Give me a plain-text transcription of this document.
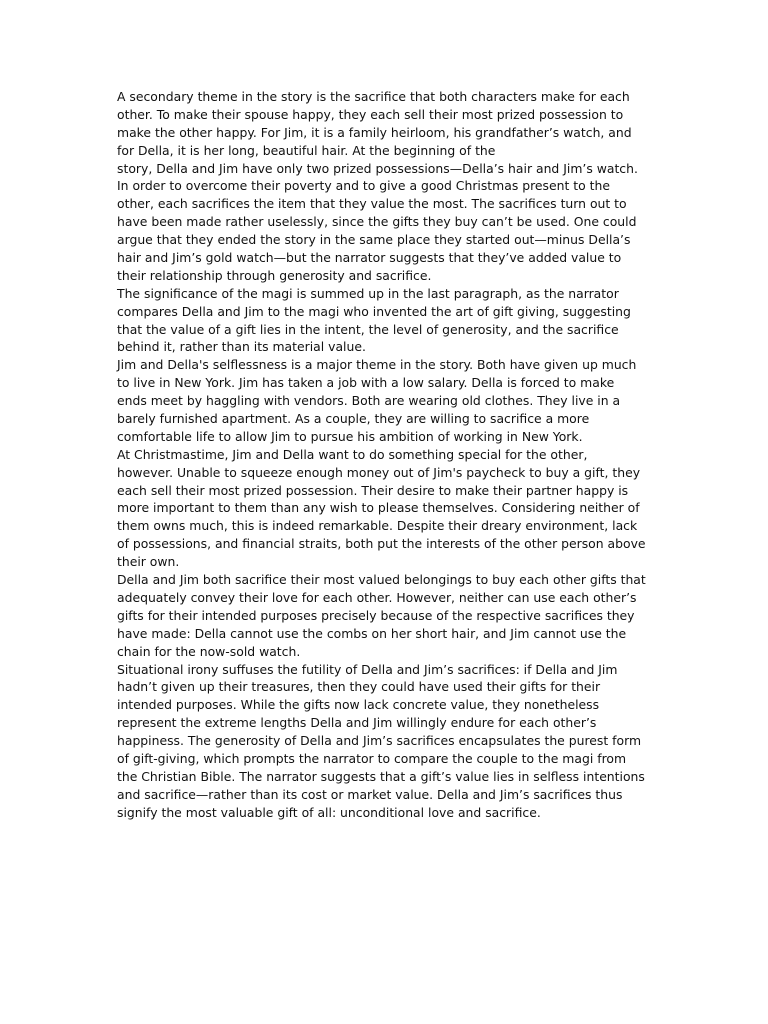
A secondary theme in the story is the sacrifice that both characters make for each
other. To make their spouse happy, they each sell their most prized possession to
make the other happy. For Jim, it is a family heirloom, his grandfather’s watch, and
for Della, it is her long, beautiful hair. At the beginning of the
story, Della and Jim have only two prized possessions—Della’s hair and Jim’s watch.
In order to overcome their poverty and to give a good Christmas present to the
other, each sacrifices the item that they value the most. The sacrifices turn out to
have been made rather uselessly, since the gifts they buy can’t be used. One could
argue that they ended the story in the same place they started out—minus Della’s
hair and Jim’s gold watch—but the narrator suggests that they’ve added value to
their relationship through generosity and sacrifice.
The significance of the magi is summed up in the last paragraph, as the narrator
compares Della and Jim to the magi who invented the art of gift giving, suggesting
that the value of a gift lies in the intent, the level of generosity, and the sacrifice
behind it, rather than its material value.
Jim and Della's selflessness is a major theme in the story. Both have given up much
to live in New York. Jim has taken a job with a low salary. Della is forced to make
ends meet by haggling with vendors. Both are wearing old clothes. They live in a
barely furnished apartment. As a couple, they are willing to sacrifice a more
comfortable life to allow Jim to pursue his ambition of working in New York.
At Christmastime, Jim and Della want to do something special for the other,
however. Unable to squeeze enough money out of Jim's paycheck to buy a gift, they
each sell their most prized possession. Their desire to make their partner happy is
more important to them than any wish to please themselves. Considering neither of
them owns much, this is indeed remarkable. Despite their dreary environment, lack
of possessions, and financial straits, both put the interests of the other person above
their own.
Della and Jim both sacrifice their most valued belongings to buy each other gifts that
adequately convey their love for each other. However, neither can use each other’s
gifts for their intended purposes precisely because of the respective sacrifices they
have made: Della cannot use the combs on her short hair, and Jim cannot use the
chain for the now-sold watch.
Situational irony suffuses the futility of Della and Jim’s sacrifices: if Della and Jim
hadn’t given up their treasures, then they could have used their gifts for their
intended purposes. While the gifts now lack concrete value, they nonetheless
represent the extreme lengths Della and Jim willingly endure for each other’s
happiness. The generosity of Della and Jim’s sacrifices encapsulates the purest form
of gift-giving, which prompts the narrator to compare the couple to the magi from
the Christian Bible. The narrator suggests that a gift’s value lies in selfless intentions
and sacrifice—rather than its cost or market value. Della and Jim’s sacrifices thus
signify the most valuable gift of all: unconditional love and sacrifice.
